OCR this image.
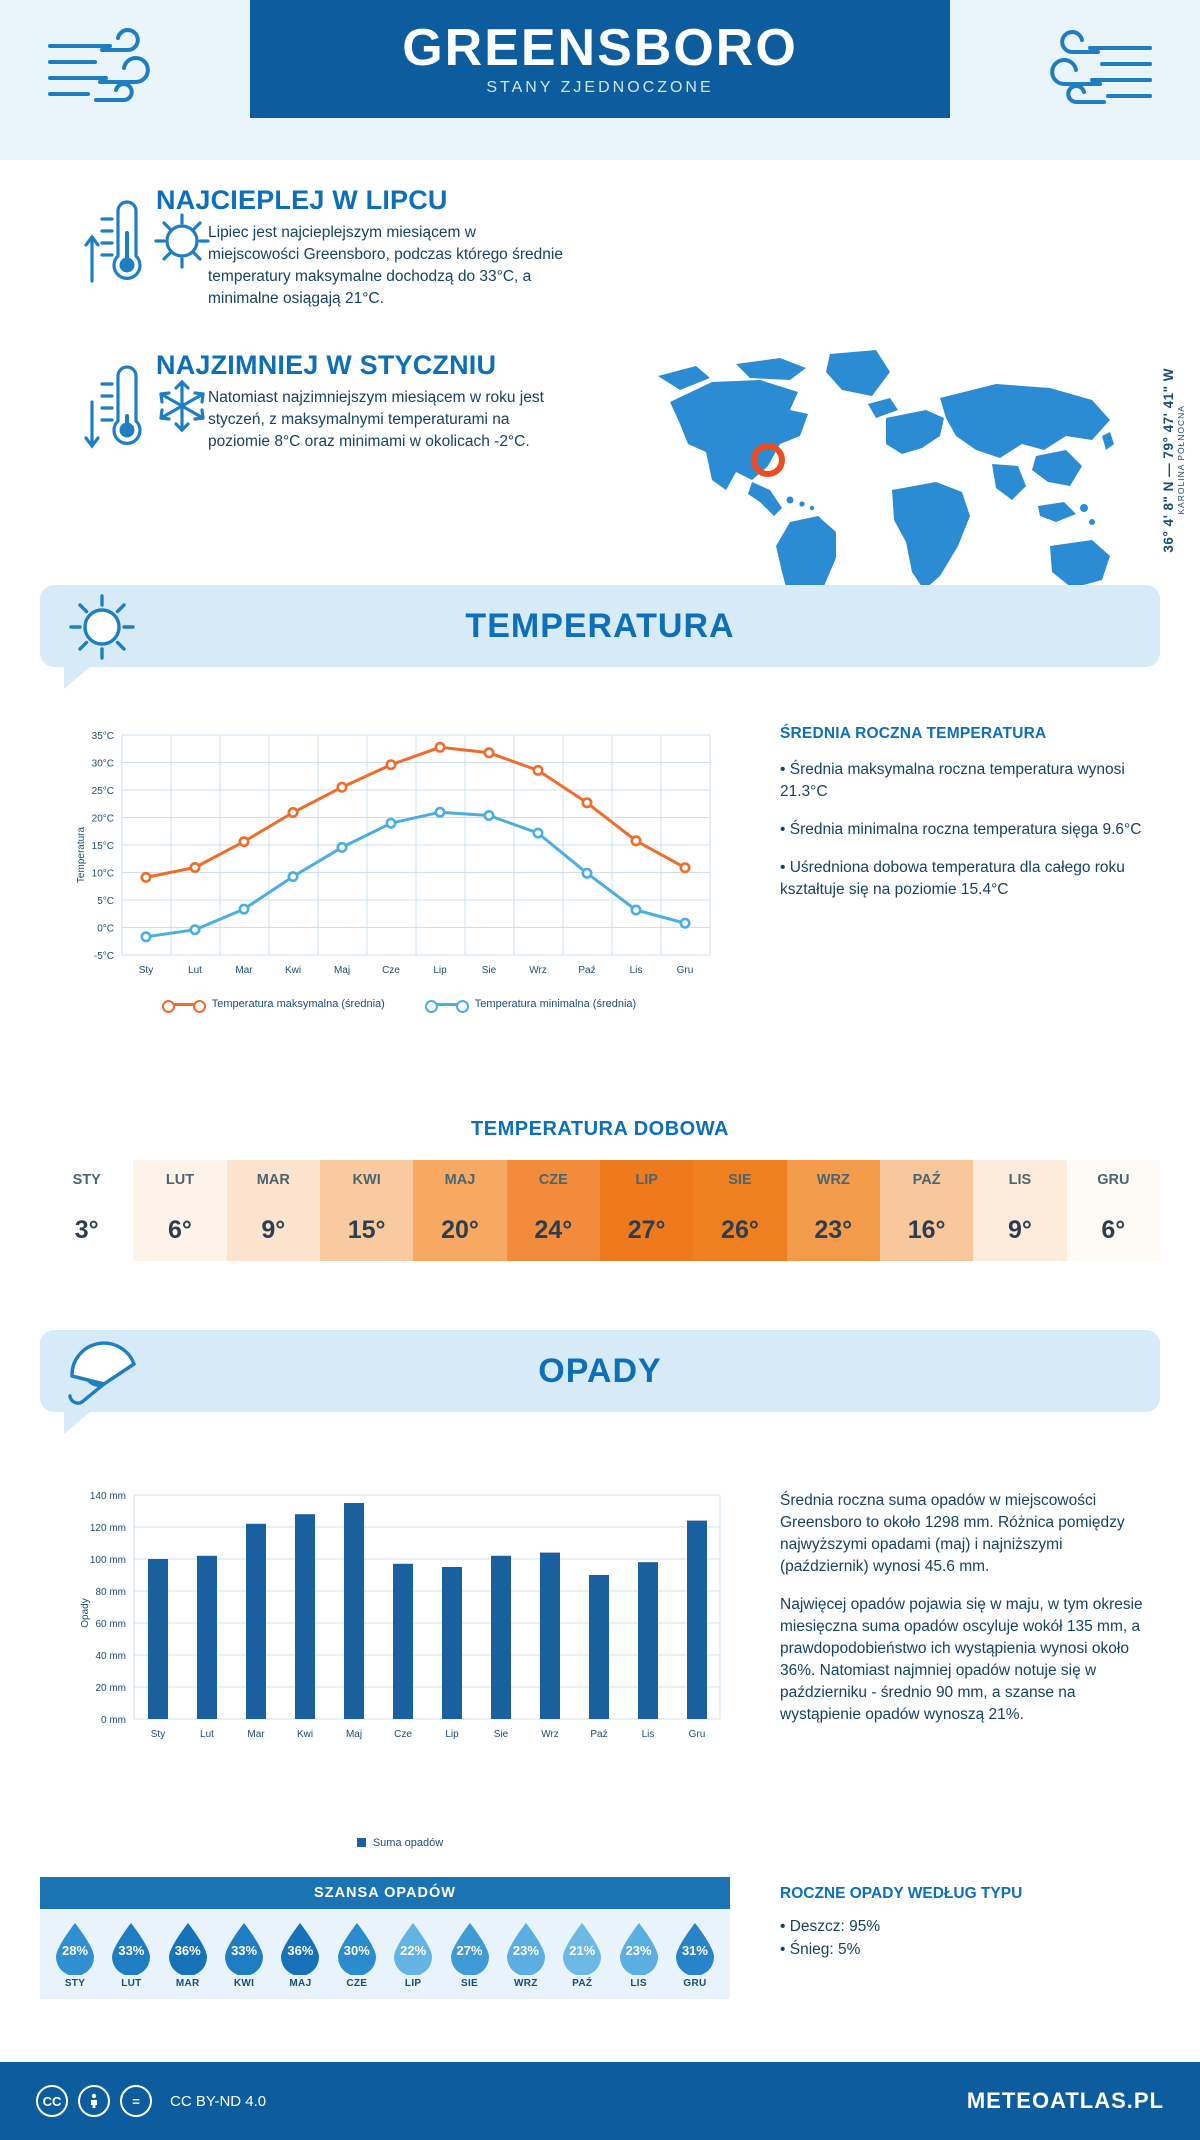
GREENSBORO
STANY ZJEDNOCZONE
NAJCIEPLEJ W LIPCU
Lipiec jest najcieplejszym miesiącem w miejscowości Greensboro, podczas którego średnie temperatury maksymalne dochodzą do 33°C, a minimalne osiągają 21°C.
NAJZIMNIEJ W STYCZNIU
Natomiast najzimniejszym miesiącem w roku jest styczeń, z maksymalnymi temperaturami na poziomie 8°C oraz minimami w okolicach -2°C.	36° 4' 8" N — 79° 47' 41" W KAROLINA PÓŁNOCNA
TEMPERATURA
35°C
30°C
25°C
20°C
15°C
10°C
5°C
0°C
-5°C
Temperatura
Sty	Lut	Mar	Kwi	Maj	Cze	Lip	Sie	Wrz	Paź	Lis	Gru
Temperatura maksymalna (średnia)	Temperatura minimalna (średnia)
ŚREDNIA ROCZNA TEMPERATURA
• Średnia maksymalna roczna temperatura wynosi 21.3°C
• Średnia minimalna roczna temperatura sięga 9.6°C
• Uśredniona dobowa temperatura dla całego roku kształtuje się na poziomie 15.4°C
TEMPERATURA DOBOWA
STY	LUT	MAR	KWI	MAJ	CZE	LIP	SIE	WRZ	PAŹ	LIS	GRU
3°	6°	9°	15°	20°	24°	27°	26°	23°	16°	9°	6°
OPADY
140 mm
120 mm
100 mm
80 mm
60 mm
40 mm
20 mm
0 mm
Opady
Sty	Lut	Mar	Kwi	Maj	Cze	Lip	Sie	Wrz	Paź	Lis	Gru
Suma opadów

Średnia roczna suma opadów w miejscowości Greensboro to około 1298 mm. Różnica pomiędzy najwyższymi opadami (maj) i najniższymi (październik) wynosi 45.6 mm.

Najwięcej opadów pojawia się w maju, w tym okresie miesięczna suma opadów oscyluje wokół 135 mm, a prawdopodobieństwo ich wystąpienia wynosi około 36%. Natomiast najmniej opadów notuje się w październiku - średnio 90 mm, a szanse na wystąpienie opadów wynoszą 21%.

SZANSA OPADÓW
28%
STY
33%
LUT
36%
MAR
33%
KWI
36%
MAJ
30%
CZE
22%
LIP
27%
SIE
23%
WRZ
21%
PAŹ
23%
LIS
31%
GRU
ROCZNE OPADY WEDŁUG TYPU
• Deszcz: 95%
• Śnieg: 5%
CC	=	CC BY-ND 4.0	METEOATLAS.PL
